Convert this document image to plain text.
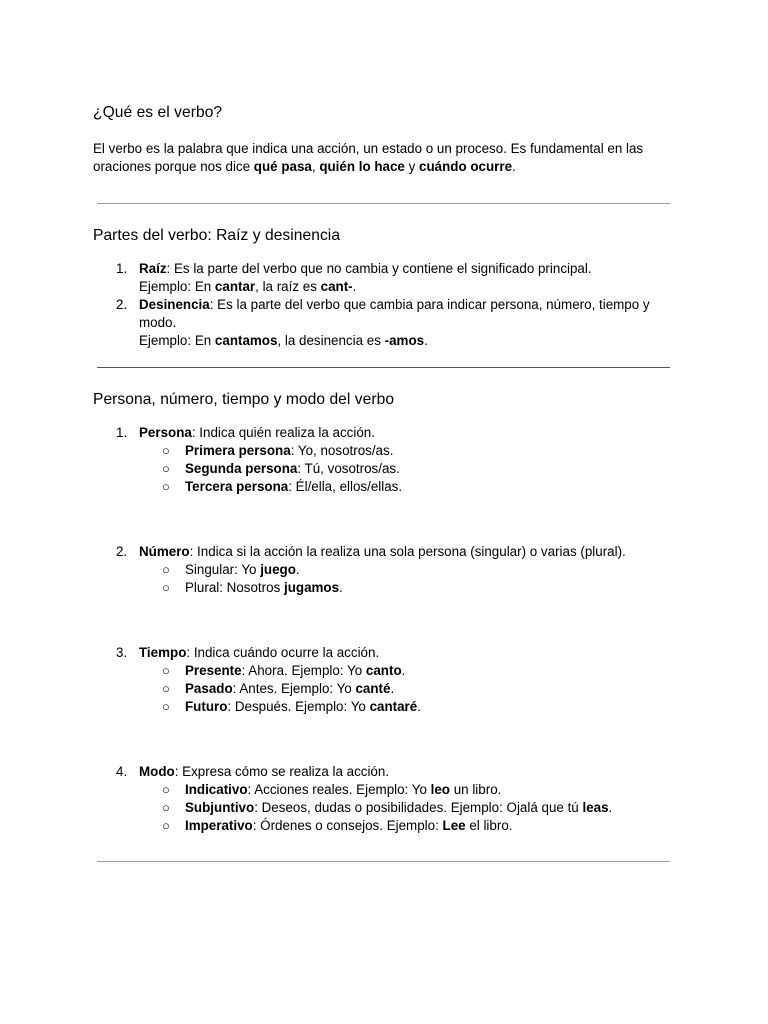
¿Qué es el verbo?

El verbo es la palabra que indica una acción, un estado o un proceso. Es fundamental en las oraciones porque nos dice qué pasa, quién lo hace y cuándo ocurre.

Partes del verbo: Raíz y desinencia
1. Raíz: Es la parte del verbo que no cambia y contiene el significado principal.
Ejemplo: En cantar, la raíz es cant-.
2. Desinencia: Es la parte del verbo que cambia para indicar persona, número, tiempo y modo.
Ejemplo: En cantamos, la desinencia es -amos.
Persona, número, tiempo y modo del verbo
1. Persona: Indica quién realiza la acción.
○ Primera persona: Yo, nosotros/as.
○ Segunda persona: Tú, vosotros/as.
○ Tercera persona: Él/ella, ellos/ellas.
2. Número: Indica si la acción la realiza una sola persona (singular) o varias (plural).
○ Singular: Yo juego.
○ Plural: Nosotros jugamos.
3. Tiempo: Indica cuándo ocurre la acción.
○ Presente: Ahora. Ejemplo: Yo canto.
○ Pasado: Antes. Ejemplo: Yo canté.
○ Futuro: Después. Ejemplo: Yo cantaré.
4. Modo: Expresa cómo se realiza la acción.
○ Indicativo: Acciones reales. Ejemplo: Yo leo un libro.
○ Subjuntivo: Deseos, dudas o posibilidades. Ejemplo: Ojalá que tú leas.
○ Imperativo: Órdenes o consejos. Ejemplo: Lee el libro.
